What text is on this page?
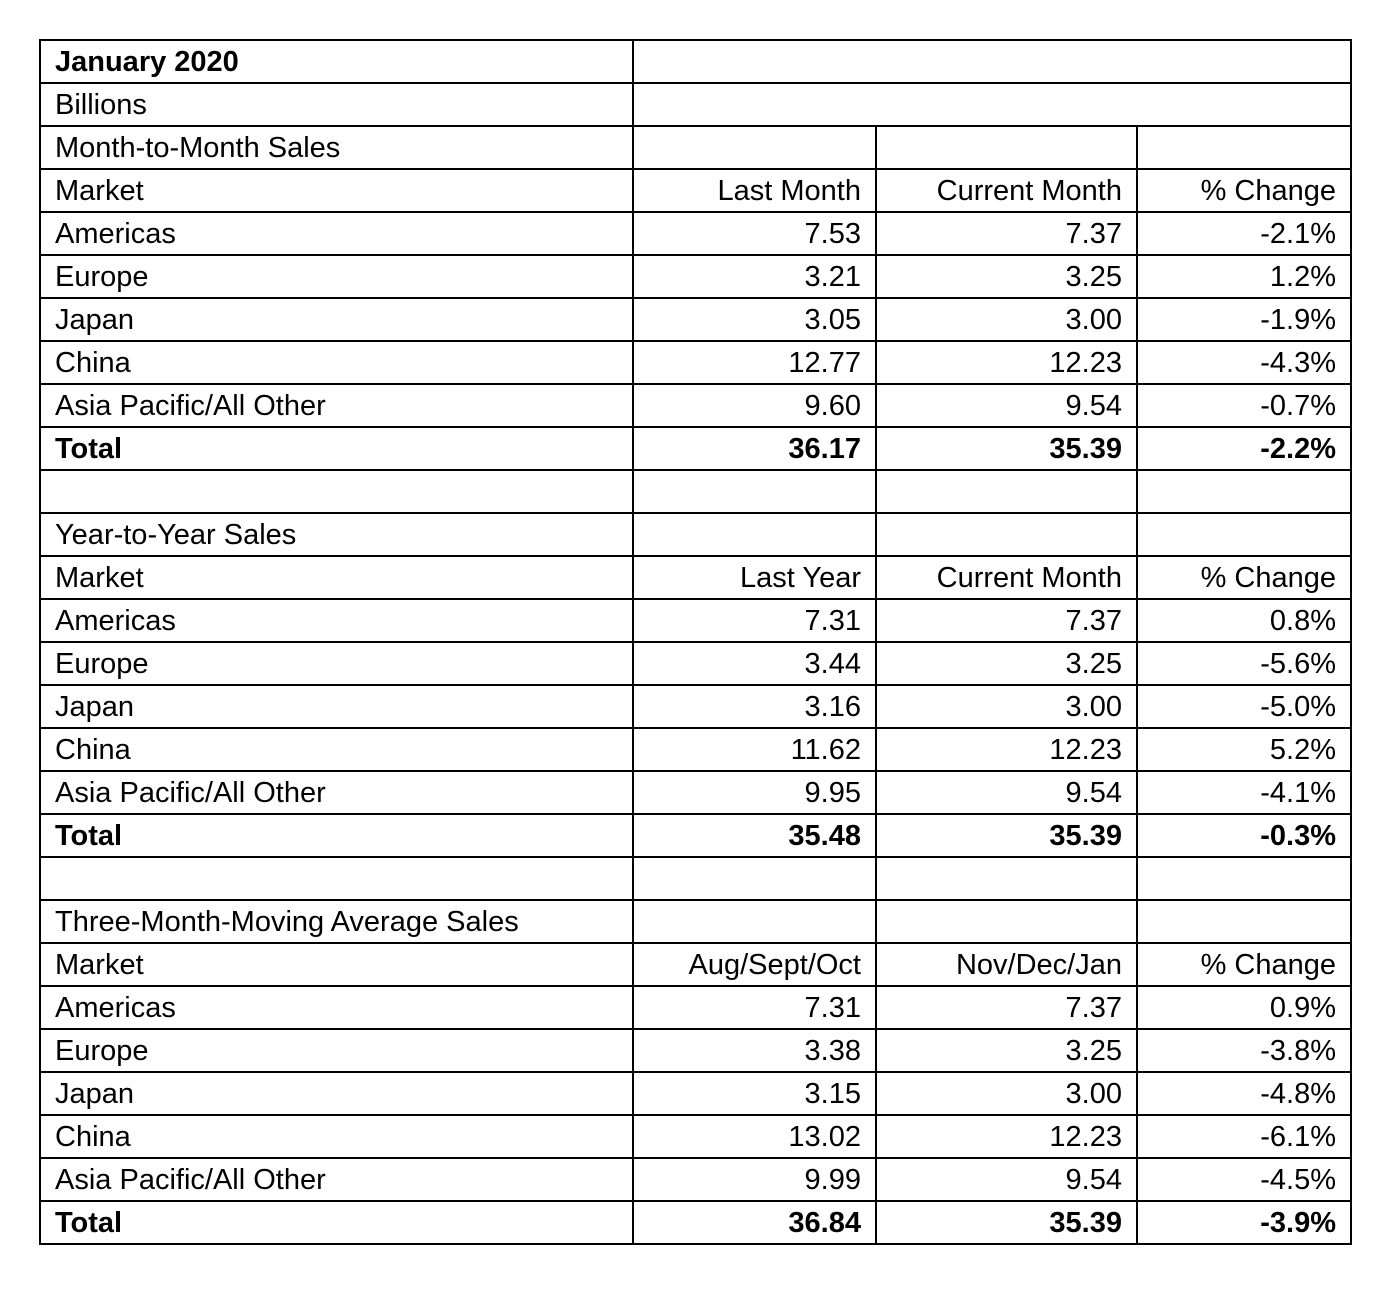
January 2020			
Billions			
Month-to-Month Sales			
Market	Last Month	Current Month	% Change
Americas	7.53	7.37	-2.1%
Europe	3.21	3.25	1.2%
Japan	3.05	3.00	-1.9%
China	12.77	12.23	-4.3%
Asia Pacific/All Other	9.60	9.54	-0.7%
Total	36.17	35.39	-2.2%

Year-to-Year Sales			
Market	Last Year	Current Month	% Change
Americas	7.31	7.37	0.8%
Europe	3.44	3.25	-5.6%
Japan	3.16	3.00	-5.0%
China	11.62	12.23	5.2%
Asia Pacific/All Other	9.95	9.54	-4.1%
Total	35.48	35.39	-0.3%

Three-Month-Moving Average Sales			
Market	Aug/Sept/Oct	Nov/Dec/Jan	% Change
Americas	7.31	7.37	0.9%
Europe	3.38	3.25	-3.8%
Japan	3.15	3.00	-4.8%
China	13.02	12.23	-6.1%
Asia Pacific/All Other	9.99	9.54	-4.5%
Total	36.84	35.39	-3.9%
